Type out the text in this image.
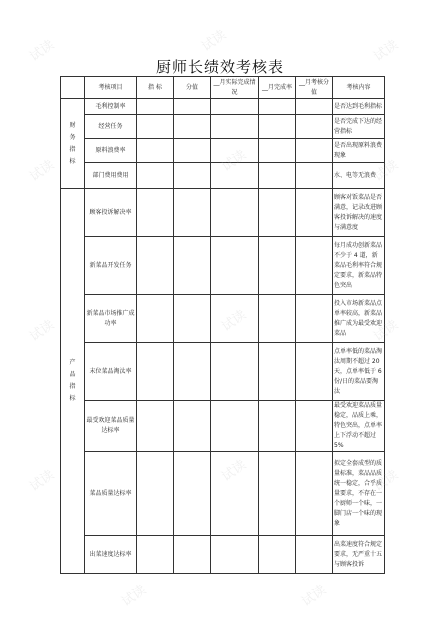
厨师长绩效考核表
	考核项目	指 标	分值	__月实际完成情况	__月完成率	__月考核分值	考核内容

财
务
指
标	毛利控制率						是否达到毛利指标
	经营任务						是否完成下达的经营指标
	原料浪费率						是否出现原料浪费现象
	部门费用费用						水、电等无浪费

产
品
指
标	顾客投诉解决率						顾客对饭菜品是否满意，记录改进顾客投诉解决的速度与满意度
	新菜品开发任务						每月成功创新菜品不少于 4 道，新菜品毛利率符合规定要求，新菜品特色突出
	新菜品市场推广成功率						投入市场新菜品点单率较高，新菜品推广成为最受欢迎菜品
	末位菜品淘汰率						点单率低的菜品淘汰周期不超过 20 天，点单率低于 6 份/日的菜品要淘汰
	最受欢迎菜品质量达标率						最受欢迎菜品质量稳定，品质上乘，特色突出，点单率上下浮动不超过 5%
	菜品质量达标率						拟定全套成型的质量标准，菜品品质统一稳定，合乎质量要求，不存在一个厨师一个味，一脚门店一个味的现象
	出菜速度达标率						出菜速度符合规定要求，无严重十五与顾客投诉
试读	试读	试读
试读	试读	试读
试读	试读	试读
试读	试读	试读
试读	试读
